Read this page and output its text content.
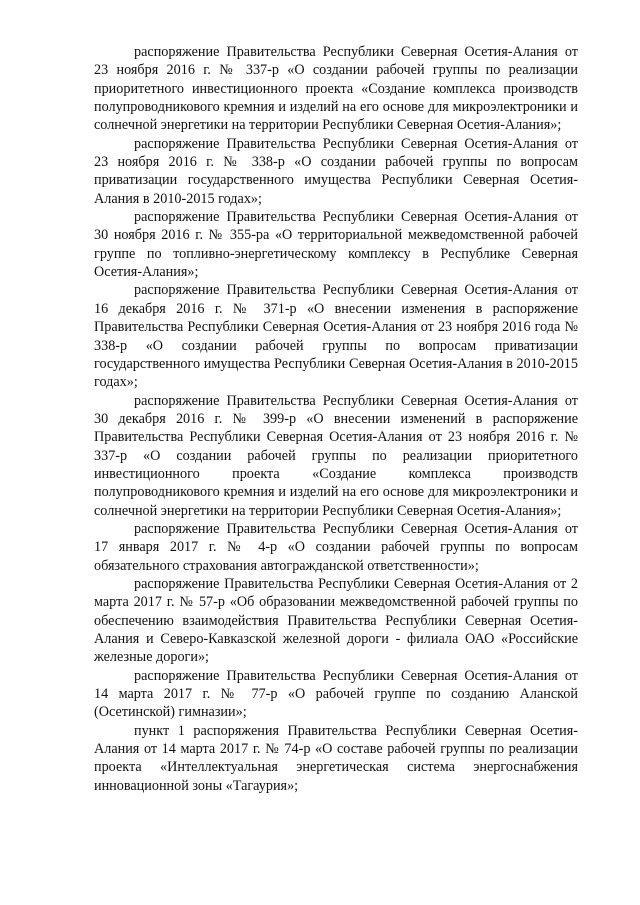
распоряжение Правительства Республики Северная Осетия-Алания от 23 ноября 2016 г. № 337-р «О создании рабочей группы по реализации приоритетного инвестиционного проекта «Создание комплекса производств полупроводникового кремния и изделий на его основе для микроэлектроники и солнечной энергетики на территории Республики Северная Осетия-Алания»;

распоряжение Правительства Республики Северная Осетия-Алания от 23 ноября 2016 г. № 338-р «О создании рабочей группы по вопросам приватизации государственного имущества Республики Северная Осетия-Алания в 2010-2015 годах»;

распоряжение Правительства Республики Северная Осетия-Алания от 30 ноября 2016 г. № 355-ра «О территориальной межведомственной рабочей группе по топливно-энергетическому комплексу в Республике Северная Осетия-Алания»;

распоряжение Правительства Республики Северная Осетия-Алания от 16 декабря 2016 г. № 371-р «О внесении изменения в распоряжение Правительства Республики Северная Осетия-Алания от 23 ноября 2016 года № 338-р «О создании рабочей группы по вопросам приватизации государственного имущества Республики Северная Осетия-Алания в 2010-2015 годах»;

распоряжение Правительства Республики Северная Осетия-Алания от 30 декабря 2016 г. № 399-р «О внесении изменений в распоряжение Правительства Республики Северная Осетия-Алания от 23 ноября 2016 г. № 337-р «О создании рабочей группы по реализации приоритетного инвестиционного проекта «Создание комплекса производств полупроводникового кремния и изделий на его основе для микроэлектроники и солнечной энергетики на территории Республики Северная Осетия-Алания»;

распоряжение Правительства Республики Северная Осетия-Алания от 17 января 2017 г. № 4-р «О создании рабочей группы по вопросам обязательного страхования автогражданской ответственности»;

распоряжение Правительства Республики Северная Осетия-Алания от 2 марта 2017 г. № 57-р «Об образовании межведомственной рабочей группы по обеспечению взаимодействия Правительства Республики Северная Осетия-Алания и Северо-Кавказской железной дороги - филиала ОАО «Российские железные дороги»;

распоряжение Правительства Республики Северная Осетия-Алания от 14 марта 2017 г. № 77-р «О рабочей группе по созданию Аланской (Осетинской) гимназии»;

пункт 1 распоряжения Правительства Республики Северная Осетия-Алания от 14 марта 2017 г. № 74-р «О составе рабочей группы по реализации проекта «Интеллектуальная энергетическая система энергоснабжения инновационной зоны «Тагаурия»;
